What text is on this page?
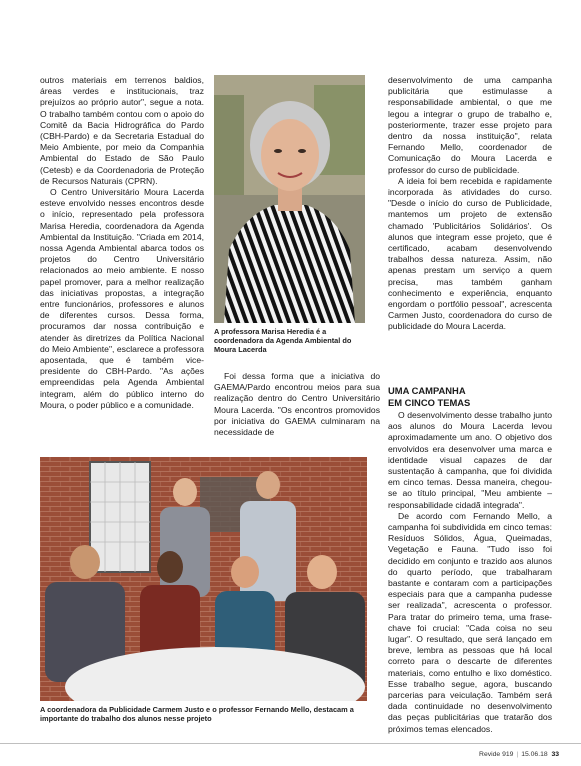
outros materiais em terrenos baldios, áreas verdes e institucionais, traz prejuízos ao próprio autor", segue a nota. O trabalho também contou com o apoio do Comitê da Bacia Hidrográfica do Pardo (CBH-Pardo) e da Secretaria Estadual do Meio Ambiente, por meio da Companhia Ambiental do Estado de São Paulo (Cetesb) e da Coordenadoria de Proteção de Recursos Naturais (CPRN).

O Centro Universitário Moura Lacerda esteve envolvido nesses encontros desde o início, representado pela professora Marisa Heredia, coordenadora da Agenda Ambiental da Instituição. "Criada em 2014, nossa Agenda Ambiental abarca todos os projetos do Centro Universitário relacionados ao meio ambiente. E nosso papel promover, para a melhor realização das iniciativas propostas, a integração entre funcionários, professores e alunos de diferentes cursos. Dessa forma, procuramos dar nossa contribuição e atender às diretrizes da Política Nacional do Meio Ambiente", esclarece a professora aposentada, que é também vice-presidente do CBH-Pardo. "As ações empreendidas pela Agenda Ambiental integram, além do público interno do Moura, o poder público e a comunidade.

A professora Marisa Heredia é a coordenadora da Agenda Ambiental do Moura Lacerda

Foi dessa forma que a iniciativa do GAEMA/Pardo encontrou meios para sua realização dentro do Centro Universitário Moura Lacerda. "Os encontros promovidos por iniciativa do GAEMA culminaram na necessidade de

desenvolvimento de uma campanha publicitária que estimulasse a responsabilidade ambiental, o que me legou a integrar o grupo de trabalho e, posteriormente, trazer esse projeto para dentro da nossa instituição", relata Fernando Mello, coordenador de Comunicação do Moura Lacerda e professor do curso de publicidade.

A ideia foi bem recebida e rapidamente incorporada às atividades do curso. "Desde o início do curso de Publicidade, mantemos um projeto de extensão chamado 'Publicitários Solidários'. Os alunos que integram esse projeto, que é certificado, acabam desenvolvendo trabalhos dessa natureza. Assim, não apenas prestam um serviço a quem precisa, mas também ganham conhecimento e experiência, enquanto engordam o portfólio pessoal", acrescenta Carmen Justo, coordenadora do curso de publicidade do Moura Lacerda.

UMA CAMPANHA

EM CINCO TEMAS

O desenvolvimento desse trabalho junto aos alunos do Moura Lacerda levou aproximadamente um ano. O objetivo dos envolvidos era desenvolver uma marca e identidade visual capazes de dar sustentação à campanha, que foi dividida em cinco temas. Dessa maneira, chegou-se ao título principal, "Meu ambiente – responsabilidade cidadã integrada".

De acordo com Fernando Mello, a campanha foi subdividida em cinco temas: Resíduos Sólidos, Água, Queimadas, Vegetação e Fauna. "Tudo isso foi decidido em conjunto e trazido aos alunos do quarto período, que trabalharam bastante e contaram com a participações especiais para que a campanha pudesse ser realizada", acrescenta o professor. Para tratar do primeiro tema, uma frase-chave foi crucial: "Cada coisa no seu lugar". O resultado, que será lançado em breve, lembra as pessoas que há local correto para o descarte de diferentes materiais, como entulho e lixo doméstico. Esse trabalho segue, agora, buscando parcerias para veiculação. Também será dada continuidade no desenvolvimento das peças publicitárias que tratarão dos próximos temas elencados.

A coordenadora da Publicidade Carmem Justo e o professor Fernando Mello, destacam a importante do trabalho dos alunos nesse projeto
Revide 919 | 15.06.18 33
